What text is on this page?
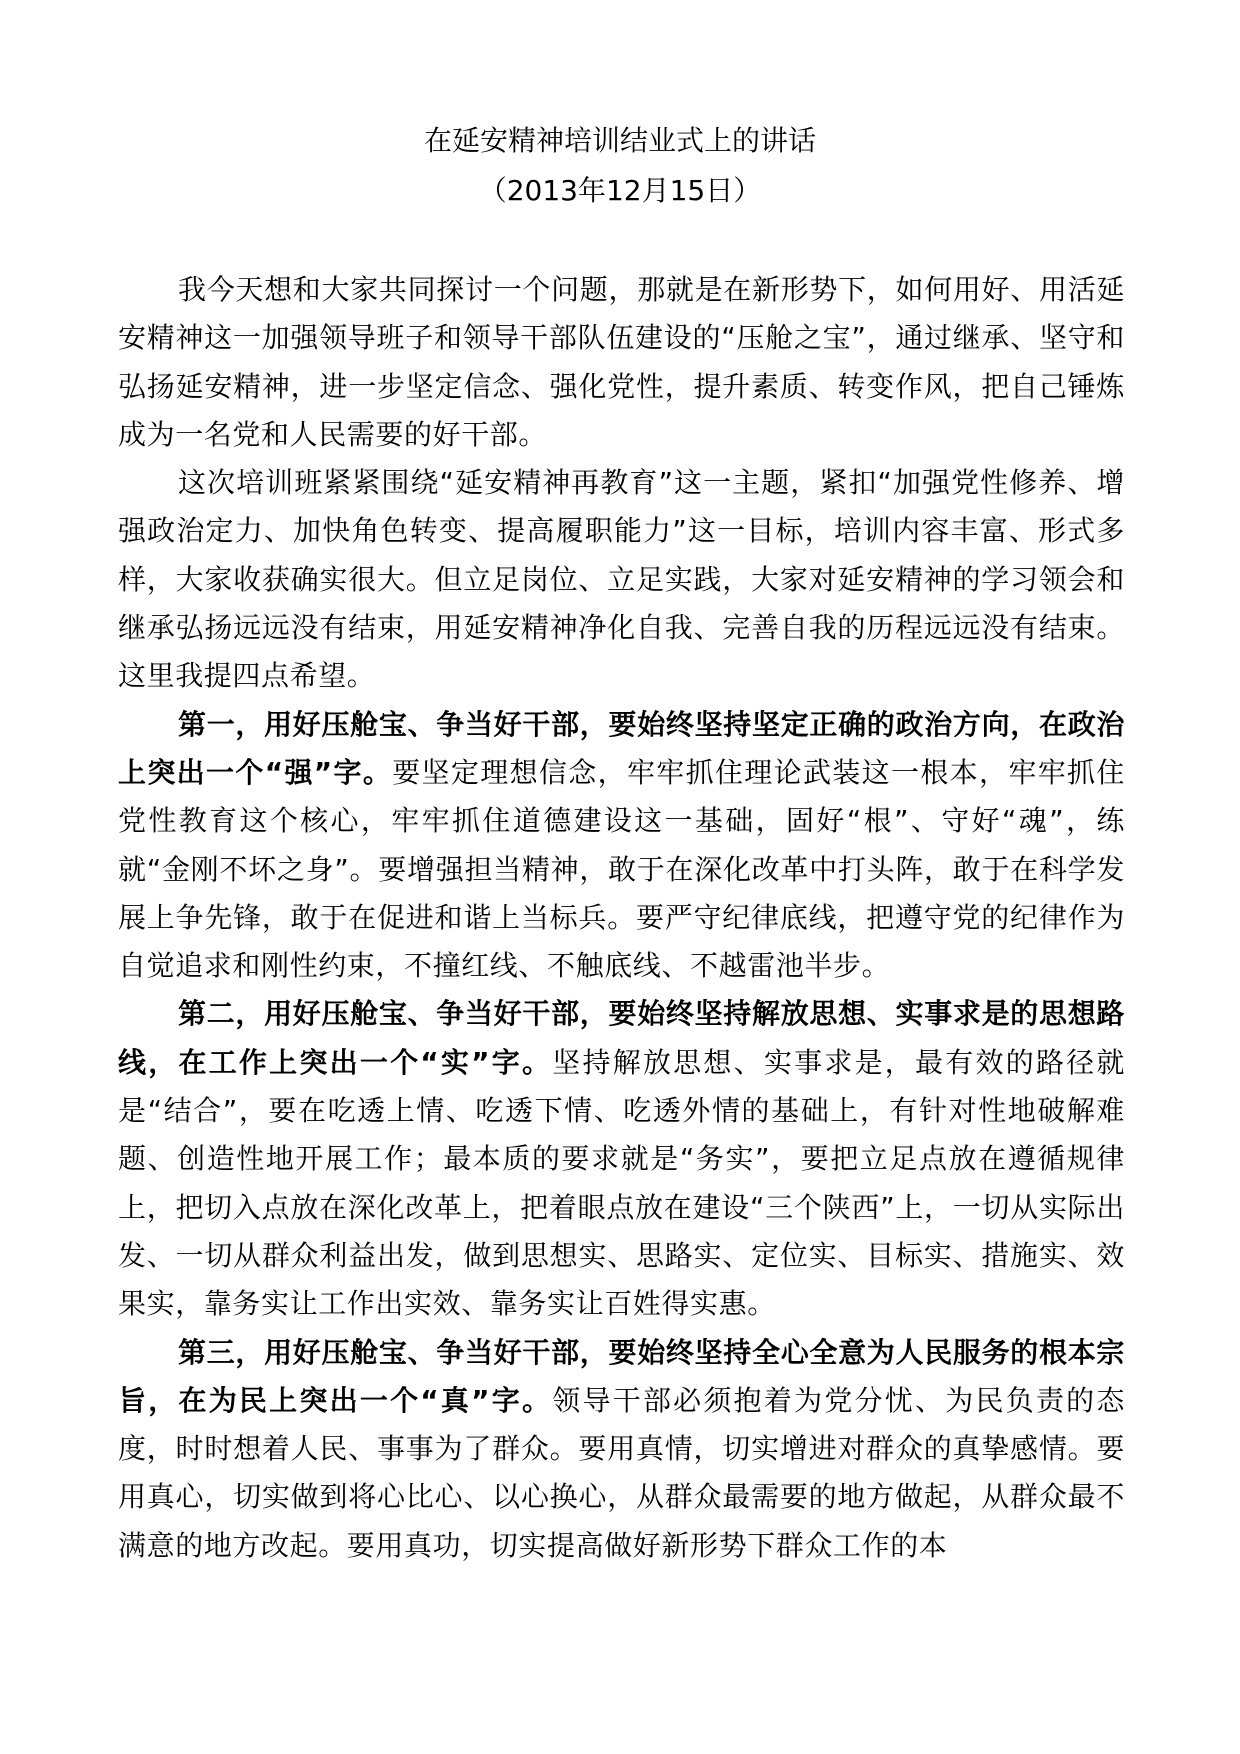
在延安精神培训结业式上的讲话
（2013年12月15日）

我今天想和大家共同探讨一个问题，那就是在新形势下，如何用好、用活延安精神这一加强领导班子和领导干部队伍建设的“压舱之宝”，通过继承、坚守和弘扬延安精神，进一步坚定信念、强化党性，提升素质、转变作风，把自己锤炼成为一名党和人民需要的好干部。

这次培训班紧紧围绕“延安精神再教育”这一主题，紧扣“加强党性修养、增强政治定力、加快角色转变、提高履职能力”这一目标，培训内容丰富、形式多样，大家收获确实很大。但立足岗位、立足实践，大家对延安精神的学习领会和继承弘扬远远没有结束，用延安精神净化自我、完善自我的历程远远没有结束。这里我提四点希望。

第一，用好压舱宝、争当好干部，要始终坚持坚定正确的政治方向，在政治上突出一个“强”字。要坚定理想信念，牢牢抓住理论武装这一根本，牢牢抓住党性教育这个核心，牢牢抓住道德建设这一基础，固好“根”、守好“魂”，练就“金刚不坏之身”。要增强担当精神，敢于在深化改革中打头阵，敢于在科学发展上争先锋，敢于在促进和谐上当标兵。要严守纪律底线，把遵守党的纪律作为自觉追求和刚性约束，不撞红线、不触底线、不越雷池半步。

第二，用好压舱宝、争当好干部，要始终坚持解放思想、实事求是的思想路线，在工作上突出一个“实”字。坚持解放思想、实事求是，最有效的路径就是“结合”，要在吃透上情、吃透下情、吃透外情的基础上，有针对性地破解难题、创造性地开展工作；最本质的要求就是“务实”，要把立足点放在遵循规律上，把切入点放在深化改革上，把着眼点放在建设“三个陕西”上，一切从实际出发、一切从群众利益出发，做到思想实、思路实、定位实、目标实、措施实、效果实，靠务实让工作出实效、靠务实让百姓得实惠。

第三，用好压舱宝、争当好干部，要始终坚持全心全意为人民服务的根本宗旨，在为民上突出一个“真”字。领导干部必须抱着为党分忧、为民负责的态度，时时想着人民、事事为了群众。要用真情，切实增进对群众的真挚感情。要用真心，切实做到将心比心、以心换心，从群众最需要的地方做起，从群众最不满意的地方改起。要用真功，切实提高做好新形势下群众工作的本
